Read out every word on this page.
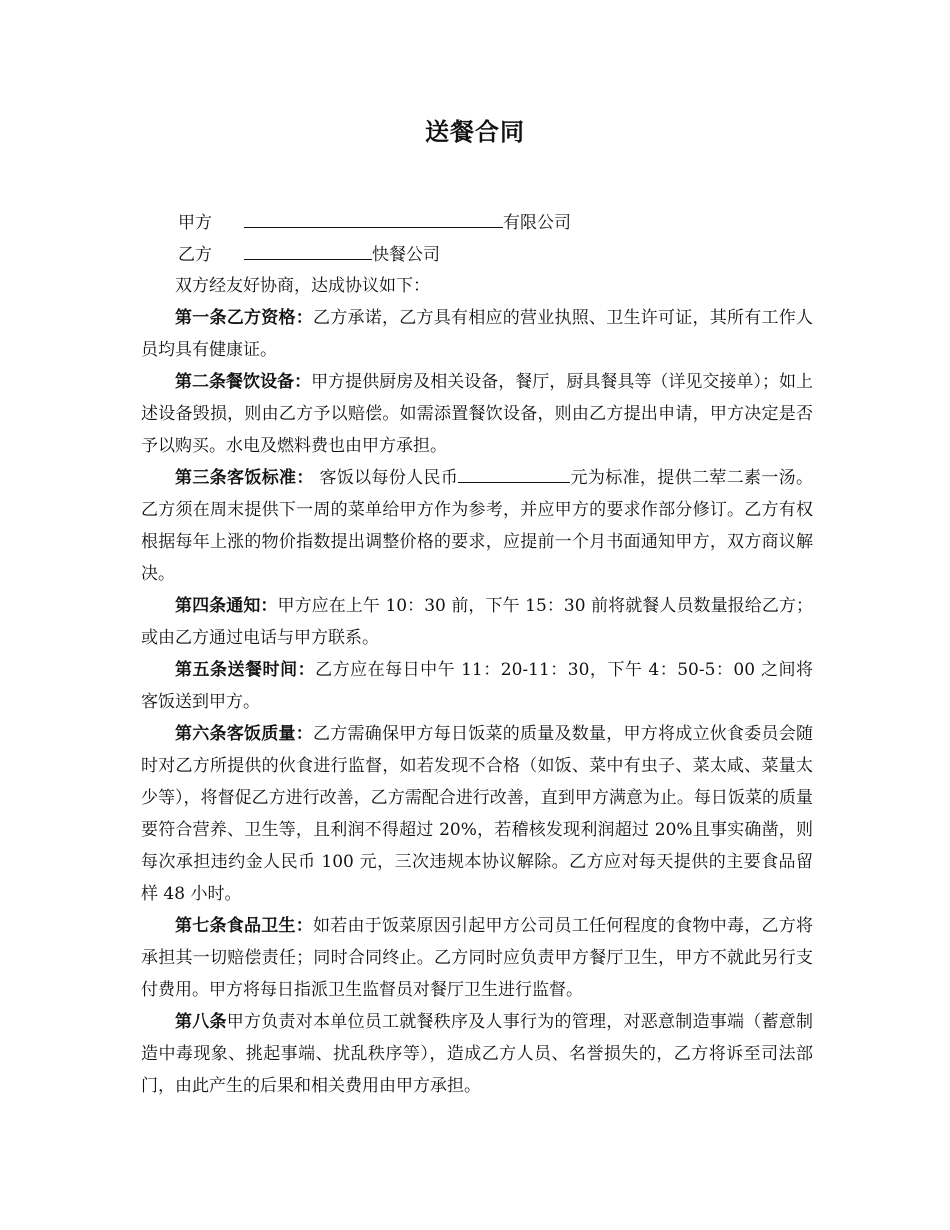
送餐合同
甲方	有限公司
乙方	快餐公司

双方经友好协商，达成协议如下：

第一条乙方资格：乙方承诺，乙方具有相应的营业执照、卫生许可证，其所有工作人员均具有健康证。

第二条餐饮设备：甲方提供厨房及相关设备，餐厅，厨具餐具等（详见交接单）；如上述设备毁损，则由乙方予以赔偿。如需添置餐饮设备，则由乙方提出申请，甲方决定是否予以购买。水电及燃料费也由甲方承担。

第三条客饭标准： 客饭以每份人民币	元为标准，提供二荤二素一汤。乙方须在周末提供下一周的菜单给甲方作为参考，并应甲方的要求作部分修订。乙方有权根据每年上涨的物价指数提出调整价格的要求，应提前一个月书面通知甲方，双方商议解决。

第四条通知：甲方应在上午 10：30 前，下午 15：30 前将就餐人员数量报给乙方；或由乙方通过电话与甲方联系。

第五条送餐时间：乙方应在每日中午 11：20-11：30，下午 4：50-5：00 之间将客饭送到甲方。

第六条客饭质量：乙方需确保甲方每日饭菜的质量及数量，甲方将成立伙食委员会随时对乙方所提供的伙食进行监督，如若发现不合格（如饭、菜中有虫子、菜太咸、菜量太少等），将督促乙方进行改善，乙方需配合进行改善，直到甲方满意为止。每日饭菜的质量要符合营养、卫生等，且利润不得超过 20%，若稽核发现利润超过 20%且事实确凿，则每次承担违约金人民币 100 元，三次违规本协议解除。乙方应对每天提供的主要食品留样 48 小时。

第七条食品卫生：如若由于饭菜原因引起甲方公司员工任何程度的食物中毒，乙方将承担其一切赔偿责任；同时合同终止。乙方同时应负责甲方餐厅卫生，甲方不就此另行支付费用。甲方将每日指派卫生监督员对餐厅卫生进行监督。

第八条甲方负责对本单位员工就餐秩序及人事行为的管理，对恶意制造事端（蓄意制造中毒现象、挑起事端、扰乱秩序等），造成乙方人员、名誉损失的，乙方将诉至司法部门，由此产生的后果和相关费用由甲方承担。
